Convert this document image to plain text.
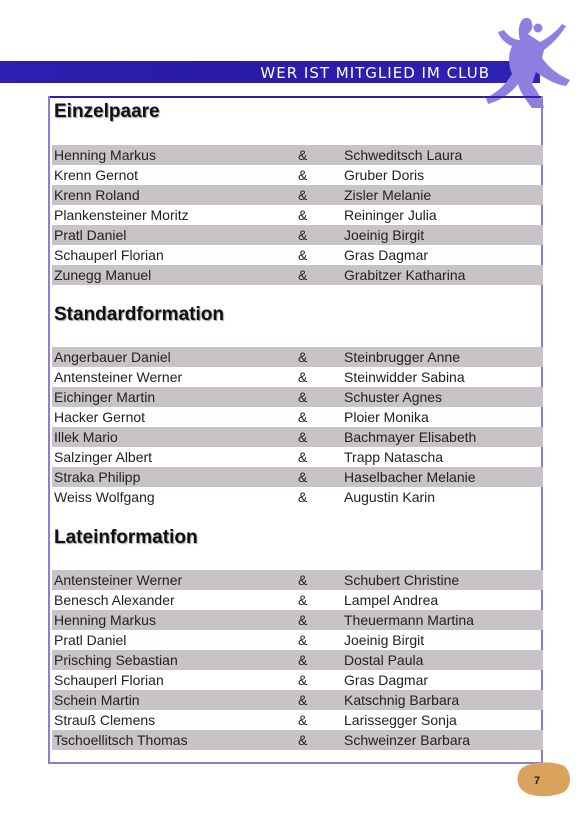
WER IST MITGLIED IM CLUB
Einzelpaare
Henning Markus	&	Schweditsch Laura
Krenn Gernot	&	Gruber Doris
Krenn Roland	&	Zisler Melanie
Plankensteiner Moritz	&	Reininger Julia
Pratl Daniel	&	Joeinig Birgit
Schauperl Florian	&	Gras Dagmar
Zunegg Manuel	&	Grabitzer Katharina
Standardformation
Angerbauer Daniel	&	Steinbrugger Anne
Antensteiner Werner	&	Steinwidder Sabina
Eichinger Martin	&	Schuster Agnes
Hacker Gernot	&	Ploier Monika
Illek Mario	&	Bachmayer Elisabeth
Salzinger Albert	&	Trapp Natascha
Straka Philipp	&	Haselbacher Melanie
Weiss Wolfgang	&	Augustin Karin
Lateinformation
Antensteiner Werner	&	Schubert Christine
Benesch Alexander	&	Lampel Andrea
Henning Markus	&	Theuermann Martina
Pratl Daniel	&	Joeinig Birgit
Prisching Sebastian	&	Dostal Paula
Schauperl Florian	&	Gras Dagmar
Schein Martin	&	Katschnig Barbara
Strauß Clemens	&	Larissegger Sonja
Tschoellitsch Thomas	&	Schweinzer Barbara
7
